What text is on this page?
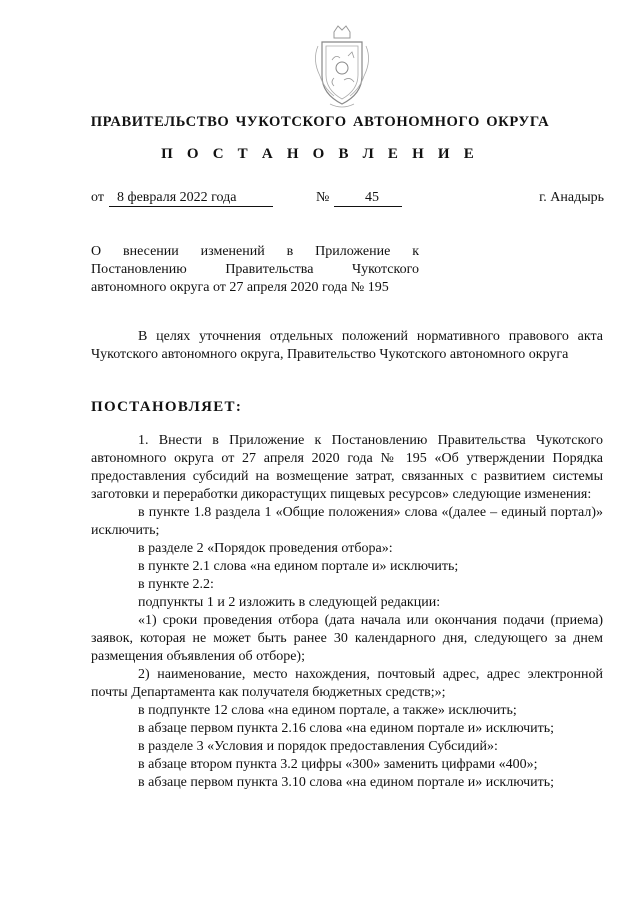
ПРАВИТЕЛЬСТВО ЧУКОТСКОГО АВТОНОМНОГО ОКРУГА
П О С Т А Н О В Л Е Н И Е
от 8 февраля 2022 года	№	45	г. Анадырь
О внесении изменений в Приложение к
Постановлению Правительства Чукотского
автономного округа от 27 апреля 2020 года № 195

В целях уточнения отдельных положений нормативного правового акта Чукотского автономного округа, Правительство Чукотского автономного округа

ПОСТАНОВЛЯЕТ:

1. Внести в Приложение к Постановлению Правительства Чукотского автономного округа от 27 апреля 2020 года № 195 «Об утверждении Порядка предоставления субсидий на возмещение затрат, связанных с развитием системы заготовки и переработки дикорастущих пищевых ресурсов» следующие изменения:

в пункте 1.8 раздела 1 «Общие положения» слова «(далее – единый портал)» исключить;

в разделе 2 «Порядок проведения отбора»:

в пункте 2.1 слова «на едином портале и» исключить;

в пункте 2.2:

подпункты 1 и 2 изложить в следующей редакции:

«1) сроки проведения отбора (дата начала или окончания подачи (приема) заявок, которая не может быть ранее 30 календарного дня, следующего за днем размещения объявления об отборе);

2) наименование, место нахождения, почтовый адрес, адрес электронной почты Департамента как получателя бюджетных средств;»;

в подпункте 12 слова «на едином портале, а также» исключить;

в абзаце первом пункта 2.16 слова «на едином портале и» исключить;

в разделе 3 «Условия и порядок предоставления Субсидий»:

в абзаце втором пункта 3.2 цифры «300» заменить цифрами «400»;

в абзаце первом пункта 3.10 слова «на едином портале и» исключить;
